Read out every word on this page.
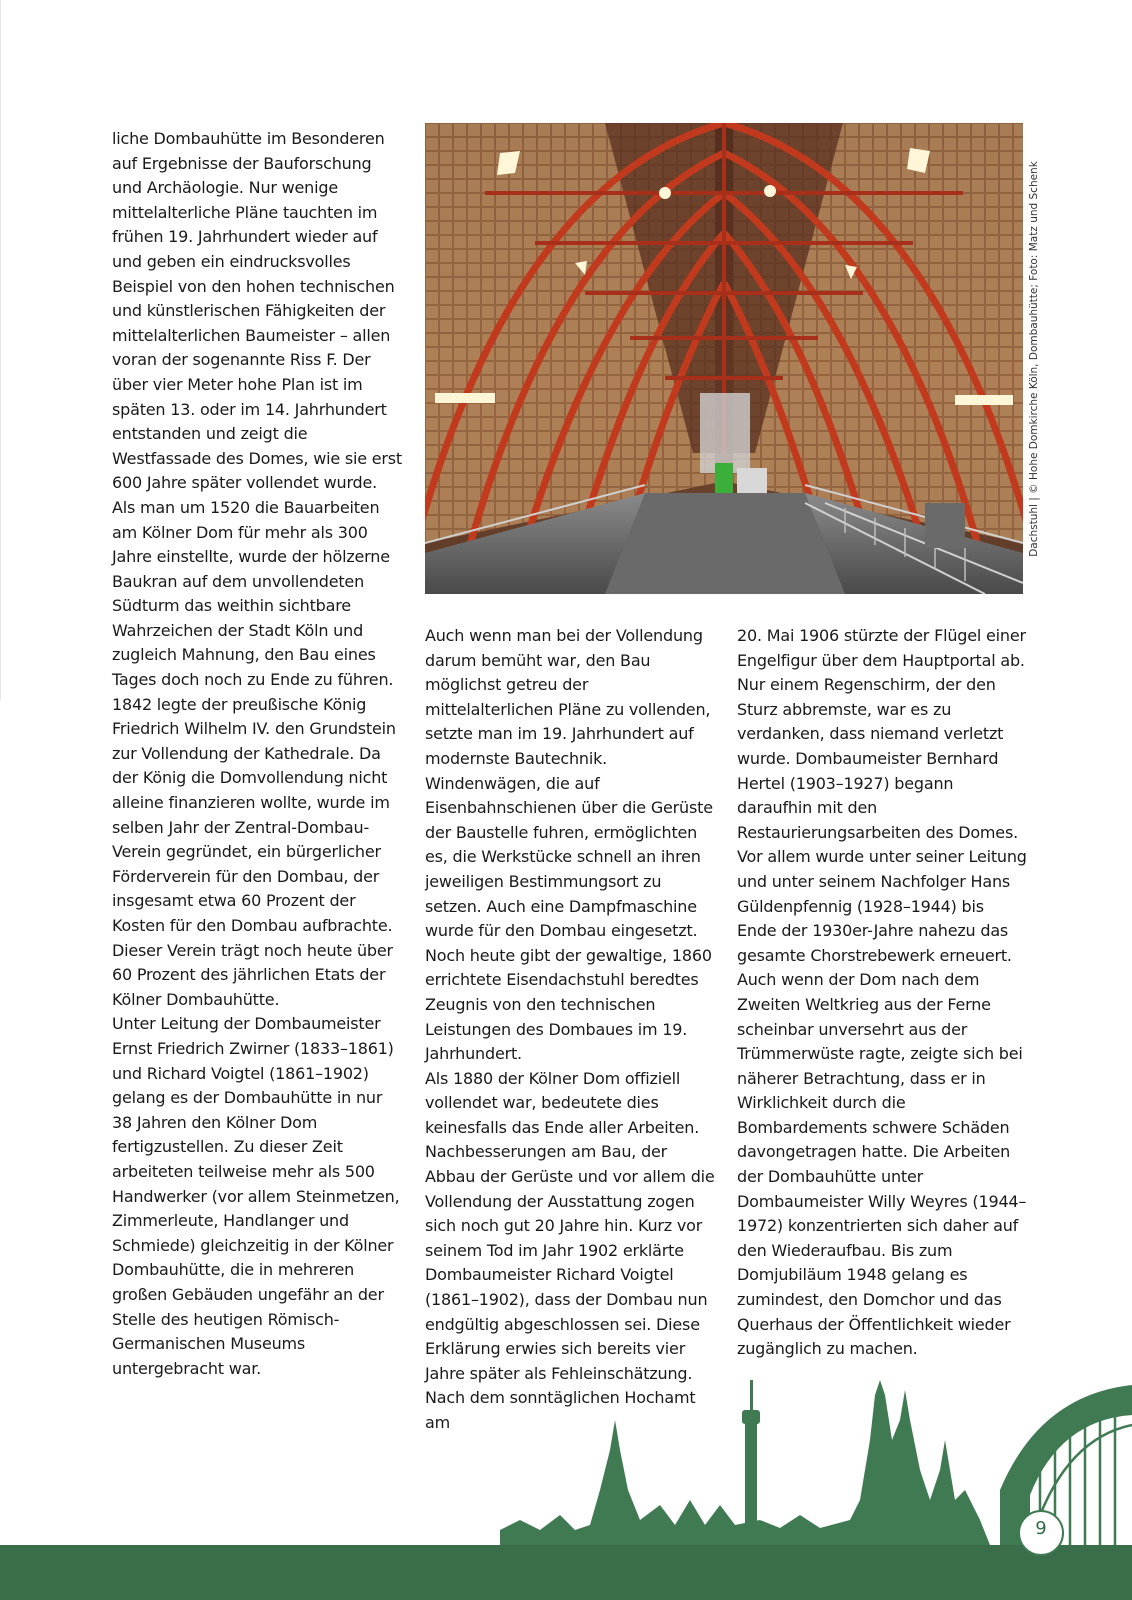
liche Dombauhütte im Besonderen auf Ergebnisse der Bauforschung und Archäologie. Nur wenige mittelalterliche Pläne tauchten im frühen 19. Jahrhundert wieder auf und geben ein eindrucksvolles Beispiel von den hohen technischen und künstlerischen Fähigkeiten der mittelalterlichen Baumeister – allen voran der sogenannte Riss F. Der über vier Meter hohe Plan ist im späten 13. oder im 14. Jahrhundert entstanden und zeigt die Westfassade des Domes, wie sie erst 600 Jahre später vollendet wurde.

Als man um 1520 die Bauarbeiten am Kölner Dom für mehr als 300 Jahre einstellte, wurde der hölzerne Baukran auf dem unvollendeten Südturm das weithin sichtbare Wahrzeichen der Stadt Köln und zugleich Mahnung, den Bau eines Tages doch noch zu Ende zu führen. 1842 legte der preußische König Friedrich Wilhelm IV. den Grundstein zur Vollendung der Kathedrale. Da der König die Domvollendung nicht alleine finanzieren wollte, wurde im selben Jahr der Zentral-Dombau-Verein gegründet, ein bürgerlicher Förderverein für den Dombau, der insgesamt etwa 60 Prozent der Kosten für den Dombau aufbrachte. Dieser Verein trägt noch heute über 60 Prozent des jährlichen Etats der Kölner Dombauhütte.

Unter Leitung der Dombaumeister Ernst Friedrich Zwirner (1833–1861) und Richard Voigtel (1861–1902) gelang es der Dombauhütte in nur 38 Jahren den Kölner Dom fertigzustellen. Zu dieser Zeit arbeiteten teilweise mehr als 500 Handwerker (vor allem Steinmetzen, Zimmerleute, Handlanger und Schmiede) gleichzeitig in der Kölner Dombauhütte, die in mehreren großen Gebäuden ungefähr an der Stelle des heutigen Römisch-Germanischen Museums untergebracht war.

Dachstuhl | © Hohe Domkirche Köln, Dombauhütte; Foto: Matz und Schenk

Auch wenn man bei der Vollendung darum bemüht war, den Bau möglichst getreu der mittelalterlichen Pläne zu vollenden, setzte man im 19. Jahrhundert auf modernste Bautechnik. Windenwägen, die auf Eisenbahnschienen über die Gerüste der Baustelle fuhren, ermöglichten es, die Werkstücke schnell an ihren jeweiligen Bestimmungsort zu setzen. Auch eine Dampfmaschine wurde für den Dombau eingesetzt. Noch heute gibt der gewaltige, 1860 errichtete Eisendachstuhl beredtes Zeugnis von den technischen Leistungen des Dombaues im 19. Jahrhundert.

Als 1880 der Kölner Dom offiziell vollendet war, bedeutete dies keinesfalls das Ende aller Arbeiten. Nachbesserungen am Bau, der Abbau der Gerüste und vor allem die Vollendung der Ausstattung zogen sich noch gut 20 Jahre hin. Kurz vor seinem Tod im Jahr 1902 erklärte Dombaumeister Richard Voigtel (1861–1902), dass der Dombau nun endgültig abgeschlossen sei. Diese Erklärung erwies sich bereits vier Jahre später als Fehleinschätzung. Nach dem sonntäglichen Hochamt am

20. Mai 1906 stürzte der Flügel einer Engelfigur über dem Hauptportal ab. Nur einem Regenschirm, der den Sturz abbremste, war es zu verdanken, dass niemand verletzt wurde. Dombaumeister Bernhard Hertel (1903–1927) begann daraufhin mit den Restaurierungsarbeiten des Domes. Vor allem wurde unter seiner Leitung und unter seinem Nachfolger Hans Güldenpfennig (1928–1944) bis Ende der 1930er-Jahre nahezu das gesamte Chorstrebewerk erneuert. Auch wenn der Dom nach dem Zweiten Weltkrieg aus der Ferne scheinbar unversehrt aus der Trümmerwüste ragte, zeigte sich bei näherer Betrachtung, dass er in Wirklichkeit durch die Bombardements schwere Schäden davongetragen hatte. Die Arbeiten der Dombauhütte unter Dombaumeister Willy Weyres (1944–1972) konzentrierten sich daher auf den Wiederaufbau. Bis zum Domjubiläum 1948 gelang es zumindest, den Domchor und das Querhaus der Öffentlichkeit wieder zugänglich zu machen.

9
